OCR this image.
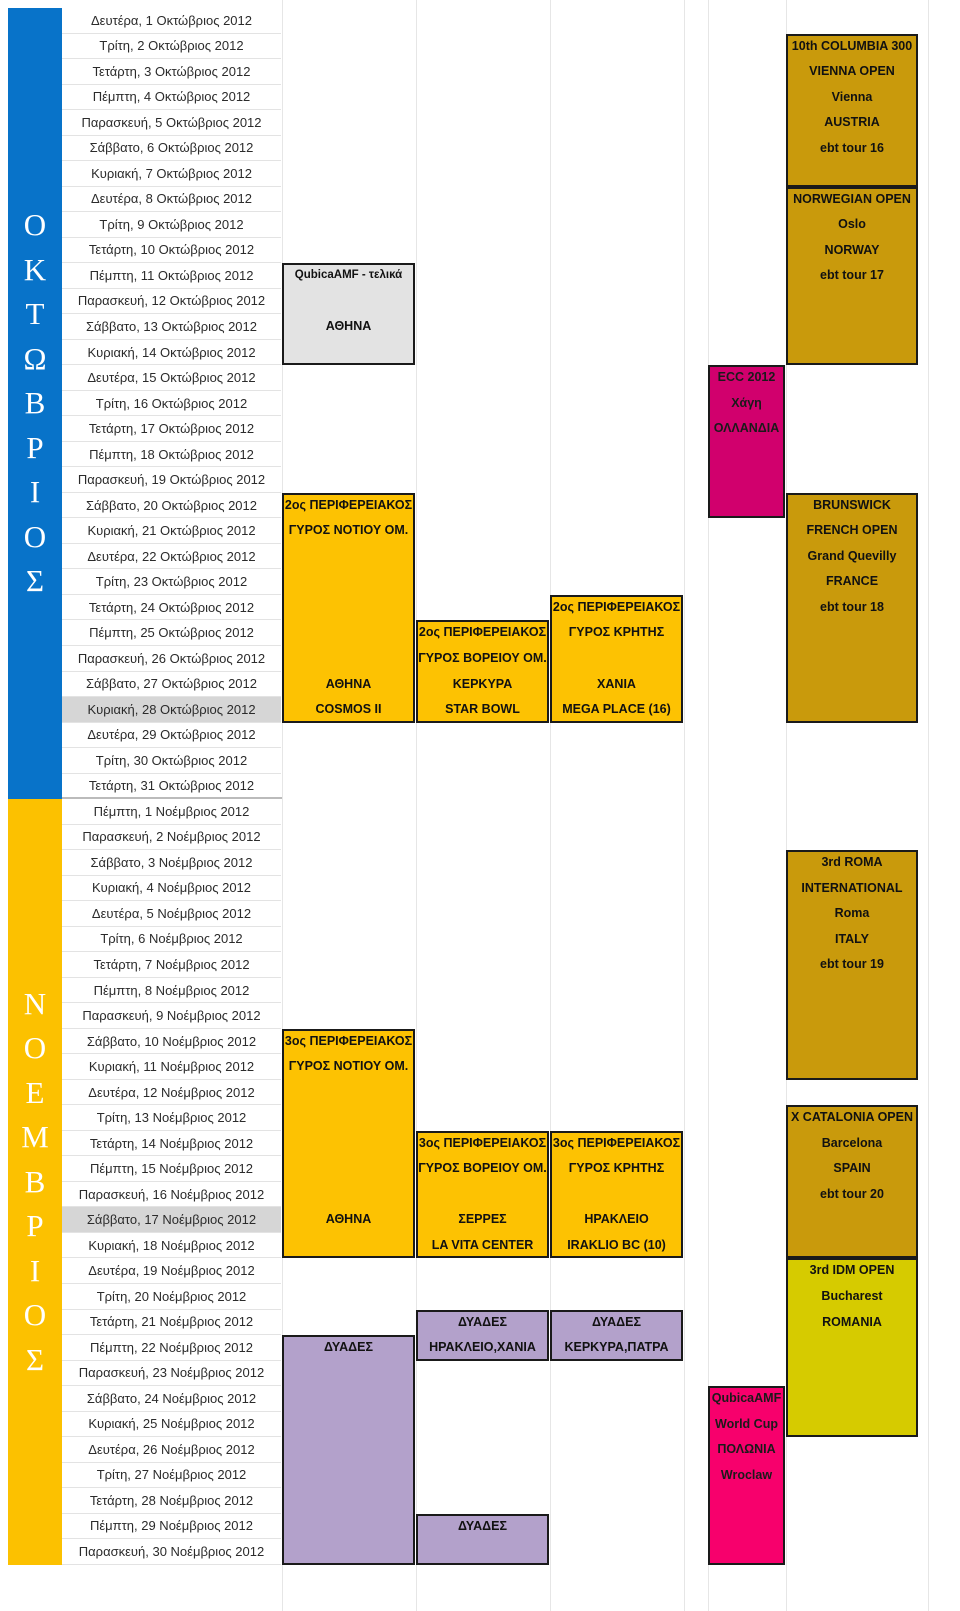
Ο
Κ
Τ
Ω
Β
Ρ
Ι
Ο
Σ
Ν
Ο
Ε
Μ
Β
Ρ
Ι
Ο
Σ
Δευτέρα, 1 Οκτώβριος 2012
Τρίτη, 2 Οκτώβριος 2012
Τετάρτη, 3 Οκτώβριος 2012
Πέμπτη, 4 Οκτώβριος 2012
Παρασκευή, 5 Οκτώβριος 2012
Σάββατο, 6 Οκτώβριος 2012
Κυριακή, 7 Οκτώβριος 2012
Δευτέρα, 8 Οκτώβριος 2012
Τρίτη, 9 Οκτώβριος 2012
Τετάρτη, 10 Οκτώβριος 2012
Πέμπτη, 11 Οκτώβριος 2012
Παρασκευή, 12 Οκτώβριος 2012
Σάββατο, 13 Οκτώβριος 2012
Κυριακή, 14 Οκτώβριος 2012
Δευτέρα, 15 Οκτώβριος 2012
Τρίτη, 16 Οκτώβριος 2012
Τετάρτη, 17 Οκτώβριος 2012
Πέμπτη, 18 Οκτώβριος 2012
Παρασκευή, 19 Οκτώβριος 2012
Σάββατο, 20 Οκτώβριος 2012
Κυριακή, 21 Οκτώβριος 2012
Δευτέρα, 22 Οκτώβριος 2012
Τρίτη, 23 Οκτώβριος 2012
Τετάρτη, 24 Οκτώβριος 2012
Πέμπτη, 25 Οκτώβριος 2012
Παρασκευή, 26 Οκτώβριος 2012
Σάββατο, 27 Οκτώβριος 2012
Κυριακή, 28 Οκτώβριος 2012
Δευτέρα, 29 Οκτώβριος 2012
Τρίτη, 30 Οκτώβριος 2012
Τετάρτη, 31 Οκτώβριος 2012
Πέμπτη, 1 Νοέμβριος 2012
Παρασκευή, 2 Νοέμβριος 2012
Σάββατο, 3 Νοέμβριος 2012
Κυριακή, 4 Νοέμβριος 2012
Δευτέρα, 5 Νοέμβριος 2012
Τρίτη, 6 Νοέμβριος 2012
Τετάρτη, 7 Νοέμβριος 2012
Πέμπτη, 8 Νοέμβριος 2012
Παρασκευή, 9 Νοέμβριος 2012
Σάββατο, 10 Νοέμβριος 2012
Κυριακή, 11 Νοέμβριος 2012
Δευτέρα, 12 Νοέμβριος 2012
Τρίτη, 13 Νοέμβριος 2012
Τετάρτη, 14 Νοέμβριος 2012
Πέμπτη, 15 Νοέμβριος 2012
Παρασκευή, 16 Νοέμβριος 2012
Σάββατο, 17 Νοέμβριος 2012
Κυριακή, 18 Νοέμβριος 2012
Δευτέρα, 19 Νοέμβριος 2012
Τρίτη, 20 Νοέμβριος 2012
Τετάρτη, 21 Νοέμβριος 2012
Πέμπτη, 22 Νοέμβριος 2012
Παρασκευή, 23 Νοέμβριος 2012
Σάββατο, 24 Νοέμβριος 2012
Κυριακή, 25 Νοέμβριος 2012
Δευτέρα, 26 Νοέμβριος 2012
Τρίτη, 27 Νοέμβριος 2012
Τετάρτη, 28 Νοέμβριος 2012
Πέμπτη, 29 Νοέμβριος 2012
Παρασκευή, 30 Νοέμβριος 2012
QubicaAMF - τελικά
ΑΘΗΝΑ
2ος ΠΕΡΙΦΕΡΕΙΑΚΟΣ
ΓΥΡΟΣ ΝΟΤΙΟΥ ΟΜ.
ΑΘΗΝΑ
COSMOS II
2ος ΠΕΡΙΦΕΡΕΙΑΚΟΣ
ΓΥΡΟΣ ΒΟΡΕΙΟΥ ΟΜ.
ΚΕΡΚΥΡΑ
STAR BOWL
2ος ΠΕΡΙΦΕΡΕΙΑΚΟΣ
ΓΥΡΟΣ ΚΡΗΤΗΣ
ΧΑΝΙΑ
MEGA PLACE (16)
ECC 2012
Χάγη
ΟΛΛΑΝΔΙΑ
10th COLUMBIA 300
VIENNA OPEN
Vienna
AUSTRIA
ebt tour 16
NORWEGIAN OPEN
Oslo
NORWAY
ebt tour 17
BRUNSWICK
FRENCH OPEN
Grand Quevilly
FRANCE
ebt tour 18
3rd ROMA
INTERNATIONAL
Roma
ITALY
ebt tour 19
3ος ΠΕΡΙΦΕΡΕΙΑΚΟΣ
ΓΥΡΟΣ ΝΟΤΙΟΥ ΟΜ.
ΑΘΗΝΑ
3ος ΠΕΡΙΦΕΡΕΙΑΚΟΣ
ΓΥΡΟΣ ΒΟΡΕΙΟΥ ΟΜ.
ΣΕΡΡΕΣ
LA VITA CENTER
3ος ΠΕΡΙΦΕΡΕΙΑΚΟΣ
ΓΥΡΟΣ ΚΡΗΤΗΣ
ΗΡΑΚΛΕΙΟ
IRAKLIO BC (10)
X CATALONIA OPEN
Barcelona
SPAIN
ebt tour 20
3rd IDM OPEN
Bucharest
ROMANIA
ΔΥΑΔΕΣ
ΗΡΑΚΛΕΙΟ,ΧΑΝΙΑ
ΔΥΑΔΕΣ
ΚΕΡΚΥΡΑ,ΠΑΤΡΑ
ΔΥΑΔΕΣ
QubicaAMF
World Cup
ΠΟΛΩΝΙΑ
Wroclaw
ΔΥΑΔΕΣ
